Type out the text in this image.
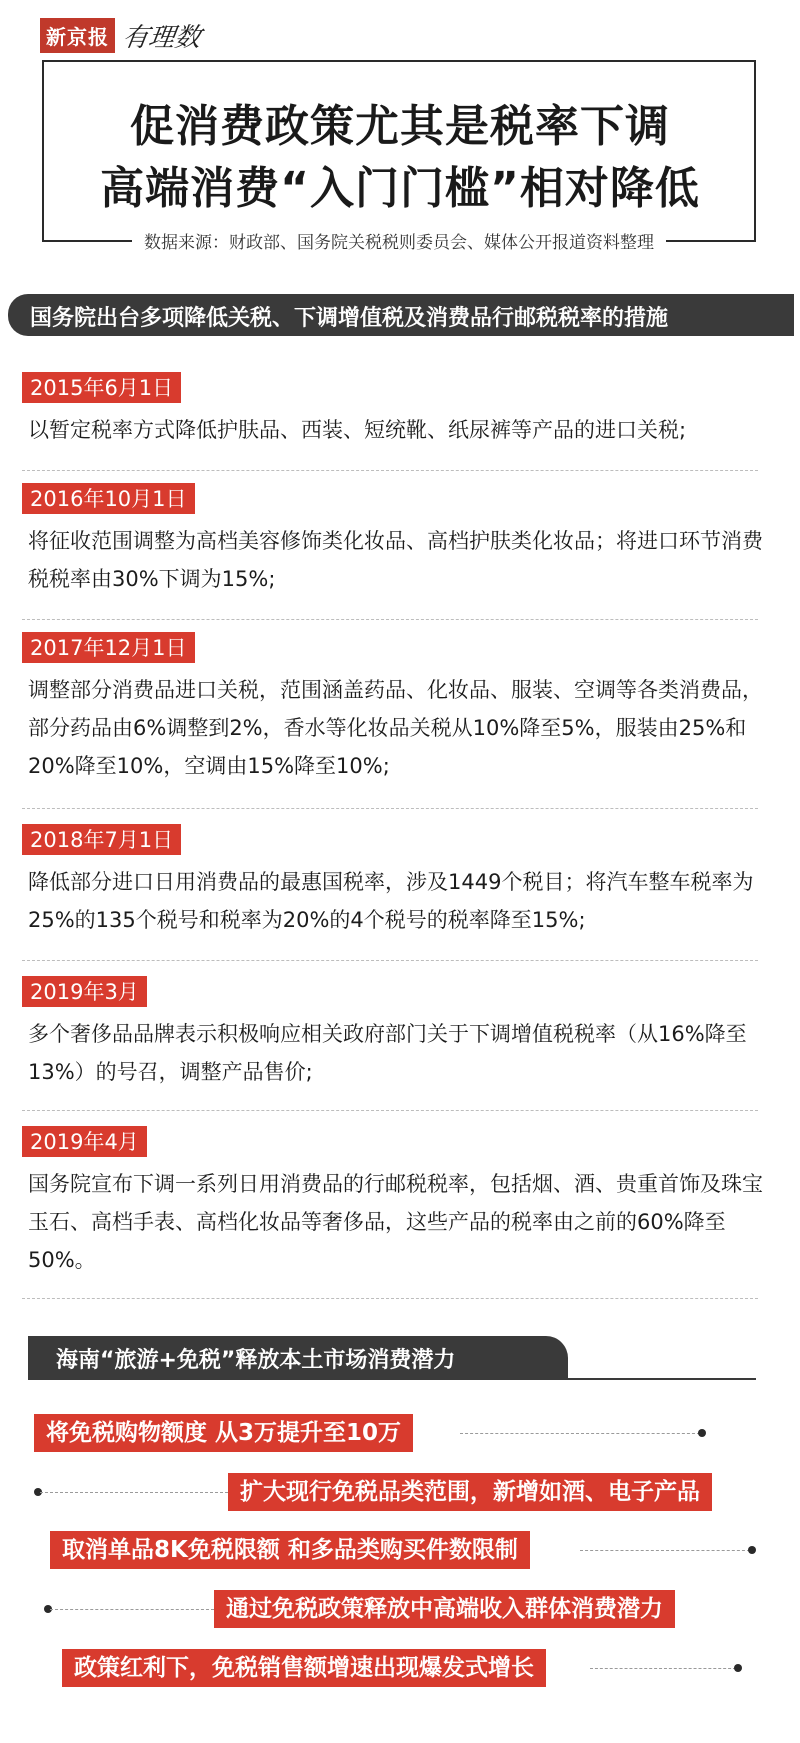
新京报 有理数
促消费政策尤其是税率下调
高端消费“入门门槛”相对降低
数据来源：财政部、国务院关税税则委员会、媒体公开报道资料整理
国务院出台多项降低关税、下调增值税及消费品行邮税税率的措施
2015年6月1日
以暂定税率方式降低护肤品、西装、短统靴、纸尿裤等产品的进口关税;
2016年10月1日
将征收范围调整为高档美容修饰类化妆品、高档护肤类化妆品；将进口环节消费税税率由30%下调为15%;
2017年12月1日
调整部分消费品进口关税，范围涵盖药品、化妆品、服装、空调等各类消费品，部分药品由6%调整到2%，香水等化妆品关税从10%降至5%，服装由25%和20%降至10%，空调由15%降至10%;
2018年7月1日
降低部分进口日用消费品的最惠国税率，涉及1449个税目；将汽车整车税率为25%的135个税号和税率为20%的4个税号的税率降至15%;
2019年3月
多个奢侈品品牌表示积极响应相关政府部门关于下调增值税税率（从16%降至13%）的号召，调整产品售价;
2019年4月
国务院宣布下调一系列日用消费品的行邮税税率，包括烟、酒、贵重首饰及珠宝玉石、高档手表、高档化妆品等奢侈品，这些产品的税率由之前的60%降至50%。
海南“旅游+免税”释放本土市场消费潜力
将免税购物额度 从3万提升至10万
扩大现行免税品类范围，新增如酒、电子产品
取消单品8K免税限额 和多品类购买件数限制
通过免税政策释放中高端收入群体消费潜力
政策红利下，免税销售额增速出现爆发式增长
